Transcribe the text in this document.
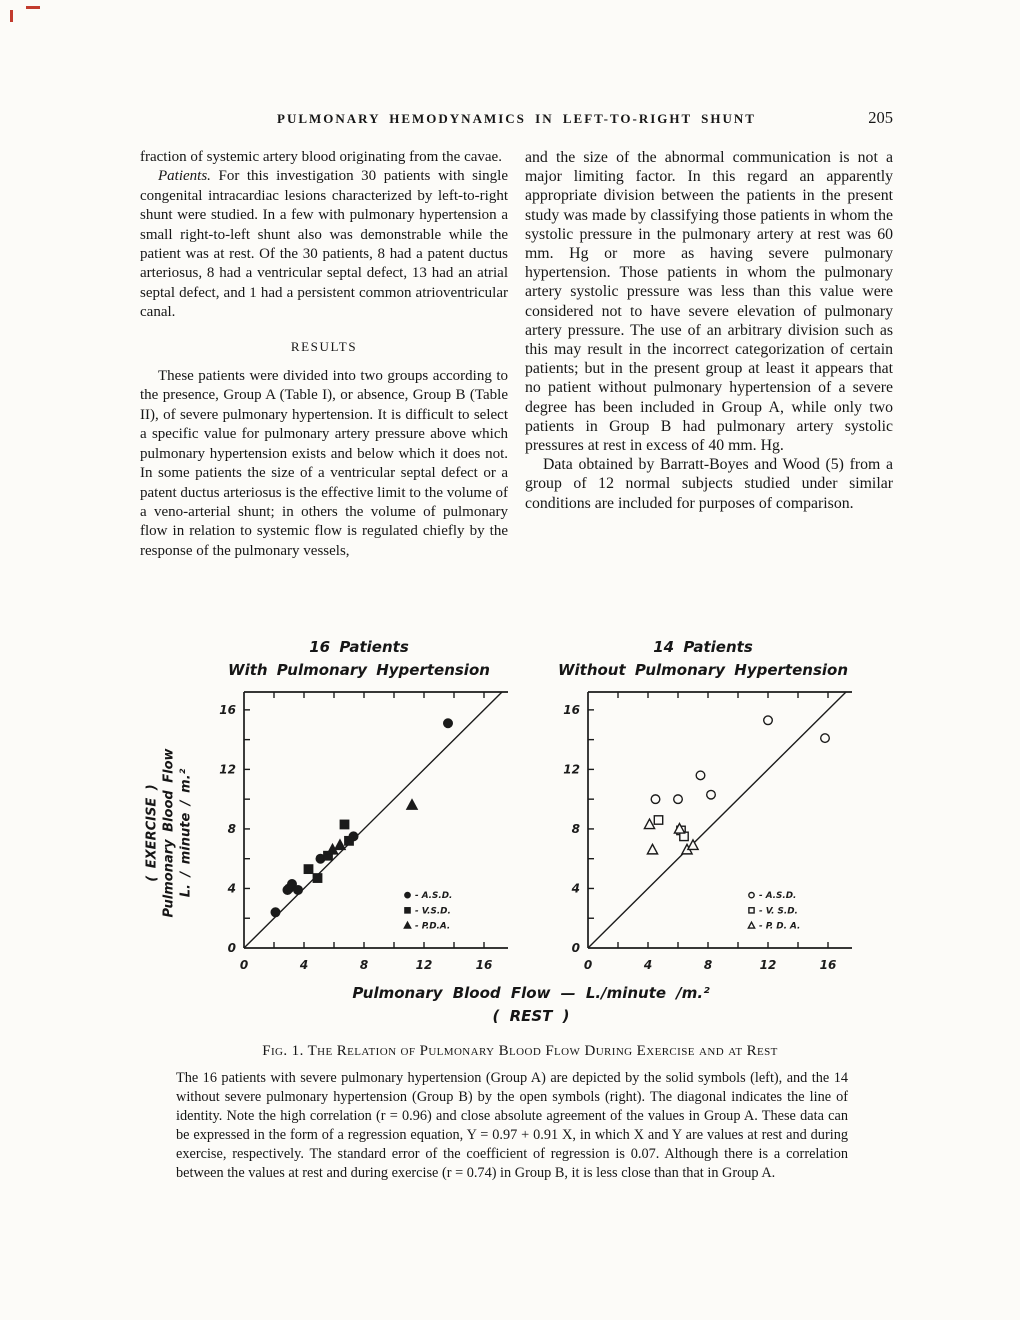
PULMONARY HEMODYNAMICS IN LEFT-TO-RIGHT SHUNT	205

fraction of systemic artery blood originating from the cavae.

Patients. For this investigation 30 patients with single congenital intracardiac lesions characterized by left-to-right shunt were studied. In a few with pulmonary hypertension a small right-to-left shunt also was demonstrable while the patient was at rest. Of the 30 patients, 8 had a patent ductus arteriosus, 8 had a ventricular septal defect, 13 had an atrial septal defect, and 1 had a persistent common atrioventricular canal.

RESULTS

These patients were divided into two groups according to the presence, Group A (Table I), or absence, Group B (Table II), of severe pulmonary hypertension. It is difficult to select a specific value for pulmonary artery pressure above which pulmonary hypertension exists and below which it does not. In some patients the size of a ventricular septal defect or a patent ductus arteriosus is the effective limit to the volume of a veno-arterial shunt; in others the volume of pulmonary flow in relation to systemic flow is regulated chiefly by the response of the pulmonary vessels,

and the size of the abnormal communication is not a major limiting factor. In this regard an apparently appropriate division between the patients in the present study was made by classifying those patients in whom the systolic pressure in the pulmonary artery at rest was 60 mm. Hg or more as having severe pulmonary hypertension. Those patients in whom the pulmonary artery systolic pressure was less than this value were considered not to have severe elevation of pulmonary artery pressure. The use of an arbitrary division such as this may result in the incorrect categorization of certain patients; but in the present group at least it appears that no patient without pulmonary hypertension of a severe degree has been included in Group A, while only two patients in Group B had pulmonary artery systolic pressures at rest in excess of 40 mm. Hg.

Data obtained by Barratt-Boyes and Wood (5) from a group of 12 normal subjects studied under similar conditions are included for purposes of comparison.

( EXERCISE ) Pulmonary Blood Flow L. / minute / m.²
16 Patients
With Pulmonary Hypertension
0	4
4
8
8
12
12
16
16
0
- A.S.D.
- V.S.D.
- P.D.A.
14 Patients
Without Pulmonary Hypertension
0	4
4
8
8
12
12
16
16
0
- A.S.D.
- V. S.D.
- P. D. A.
Pulmonary Blood Flow — L./minute /m.²
( REST )
Fig. 1. The Relation of Pulmonary Blood Flow During Exercise and at Rest

The 16 patients with severe pulmonary hypertension (Group A) are depicted by the solid symbols (left), and the 14 without severe pulmonary hypertension (Group B) by the open symbols (right). The diagonal indicates the line of identity. Note the high correlation (r = 0.96) and close absolute agreement of the values in Group A. These data can be expressed in the form of a regression equation, Y = 0.97 + 0.91 X, in which X and Y are values at rest and during exercise, respectively. The standard error of the coefficient of regression is 0.07. Although there is a correlation between the values at rest and during exercise (r = 0.74) in Group B, it is less close than that in Group A.
